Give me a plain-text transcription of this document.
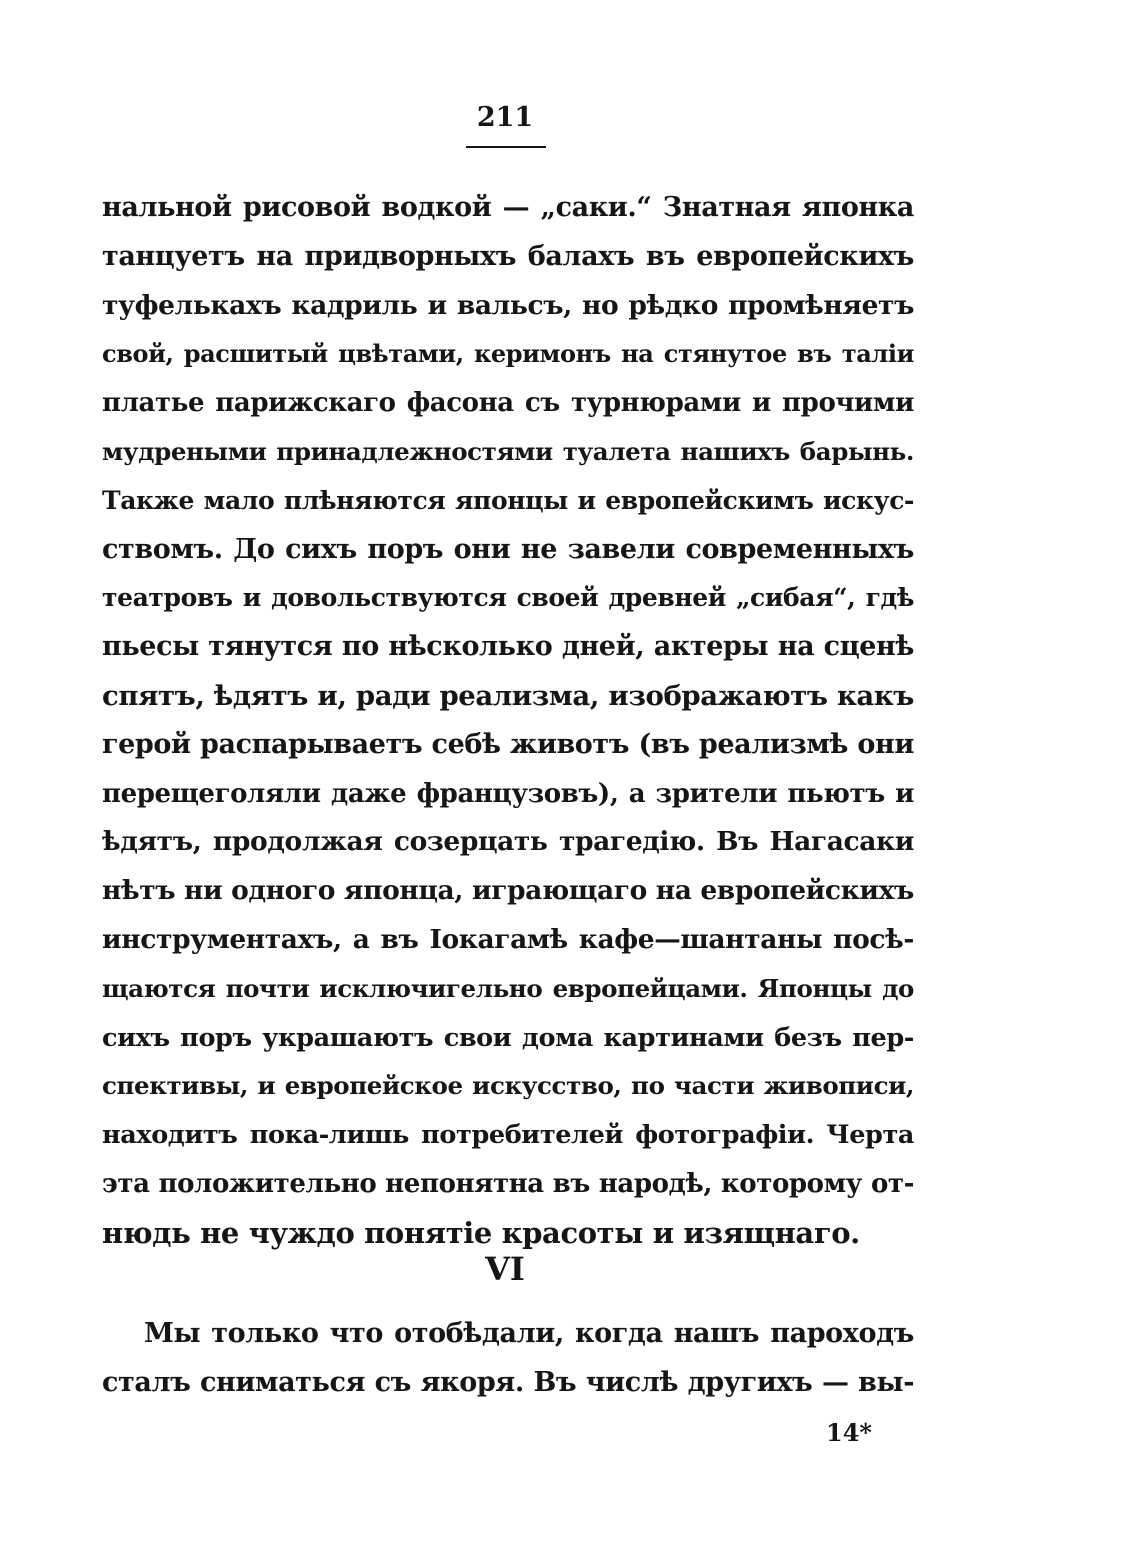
211
нальной рисовой водкой — „саки.“ Знатная японка
танцуетъ на придворныхъ балахъ въ европейскихъ
туфелькахъ кадриль и вальсъ, но рѣдко промѣняетъ
свой, расшитый цвѣтами, керимонъ на стянутое въ таліи
платье парижскаго фасона съ турнюрами и прочими
мудреными принадлежностями туалета нашихъ барынь.
Также мало плѣняются японцы и европейскимъ искус-
ствомъ. До сихъ поръ они не завели современныхъ
театровъ и довольствуются своей древней „сибая“, гдѣ
пьесы тянутся по нѣсколько дней, актеры на сценѣ
спятъ, ѣдятъ и, ради реализма, изображаютъ какъ
герой распарываетъ себѣ животъ (въ реализмѣ они
перещеголяли даже французовъ), а зрители пьютъ и
ѣдятъ, продолжая созерцать трагедію. Въ Нагасаки
нѣтъ ни одного японца, играющаго на европейскихъ
инструментахъ, а въ Іокагамѣ кафе—шантаны посѣ-
щаются почти исключигельно европейцами. Японцы до
сихъ поръ украшаютъ свои дома картинами безъ пер-
спективы, и европейское искусство, по части живописи,
находитъ пока-лишь потребителей фотографіи. Черта
эта положительно непонятна въ народѣ, которому от-
нюдь не чуждо понятіе красоты и изящнаго.
VI
Мы только что отобѣдали, когда нашъ пароходъ
сталъ сниматься съ якоря. Въ числѣ другихъ — вы-
14*
